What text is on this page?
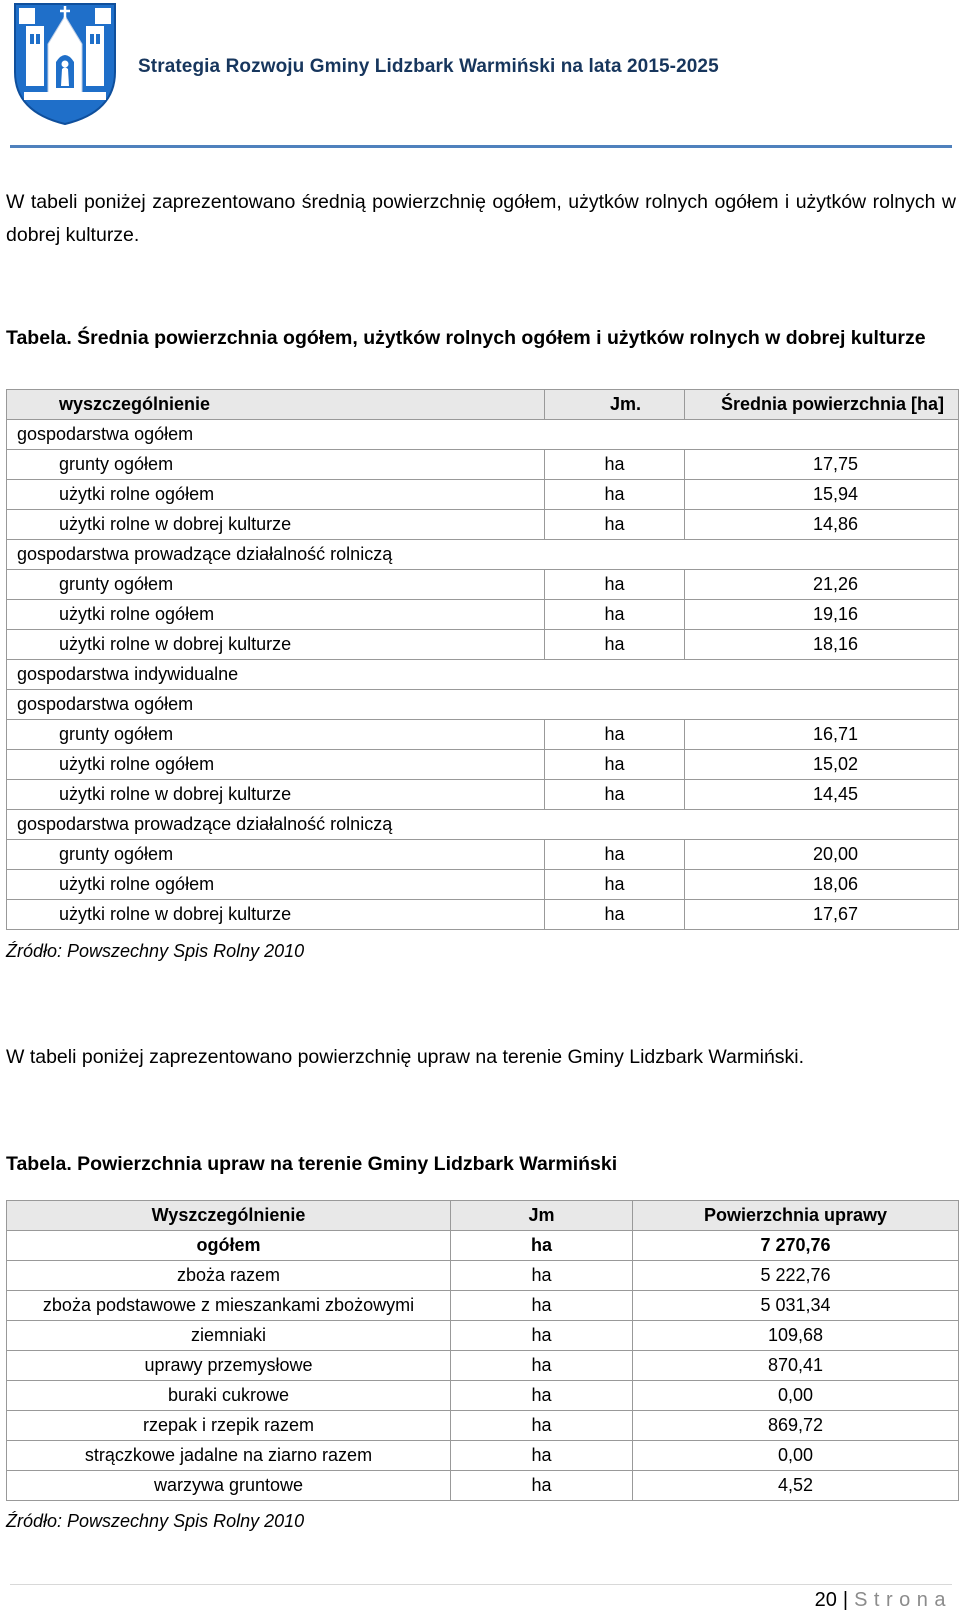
Strategia Rozwoju Gminy Lidzbark Warmiński na lata 2015-2025
W tabeli poniżej zaprezentowano średnią powierzchnię ogółem, użytków rolnych ogółem i użytków rolnych w dobrej kulturze.
Tabela. Średnia powierzchnia ogółem, użytków rolnych ogółem i użytków rolnych w dobrej kulturze
wyszczególnienie	Jm.	Średnia powierzchnia [ha]
gospodarstwa ogółem		
grunty ogółem	ha	17,75
użytki rolne ogółem	ha	15,94
użytki rolne w dobrej kulturze	ha	14,86
gospodarstwa prowadzące działalność rolniczą		
grunty ogółem	ha	21,26
użytki rolne ogółem	ha	19,16
użytki rolne w dobrej kulturze	ha	18,16
gospodarstwa indywidualne		
gospodarstwa ogółem		
grunty ogółem	ha	16,71
użytki rolne ogółem	ha	15,02
użytki rolne w dobrej kulturze	ha	14,45
gospodarstwa prowadzące działalność rolniczą		
grunty ogółem	ha	20,00
użytki rolne ogółem	ha	18,06
użytki rolne w dobrej kulturze	ha	17,67
Źródło: Powszechny Spis Rolny 2010
W tabeli poniżej zaprezentowano powierzchnię upraw na terenie Gminy Lidzbark Warmiński.
Tabela. Powierzchnia upraw na terenie Gminy Lidzbark Warmiński
Wyszczególnienie	Jm	Powierzchnia uprawy
ogółem	ha	7 270,76
zboża razem	ha	5 222,76
zboża podstawowe z mieszankami zbożowymi	ha	5 031,34
ziemniaki	ha	109,68
uprawy przemysłowe	ha	870,41
buraki cukrowe	ha	0,00
rzepak i rzepik razem	ha	869,72
strączkowe jadalne na ziarno razem	ha	0,00
warzywa gruntowe	ha	4,52
Źródło: Powszechny Spis Rolny 2010
20 | Strona
